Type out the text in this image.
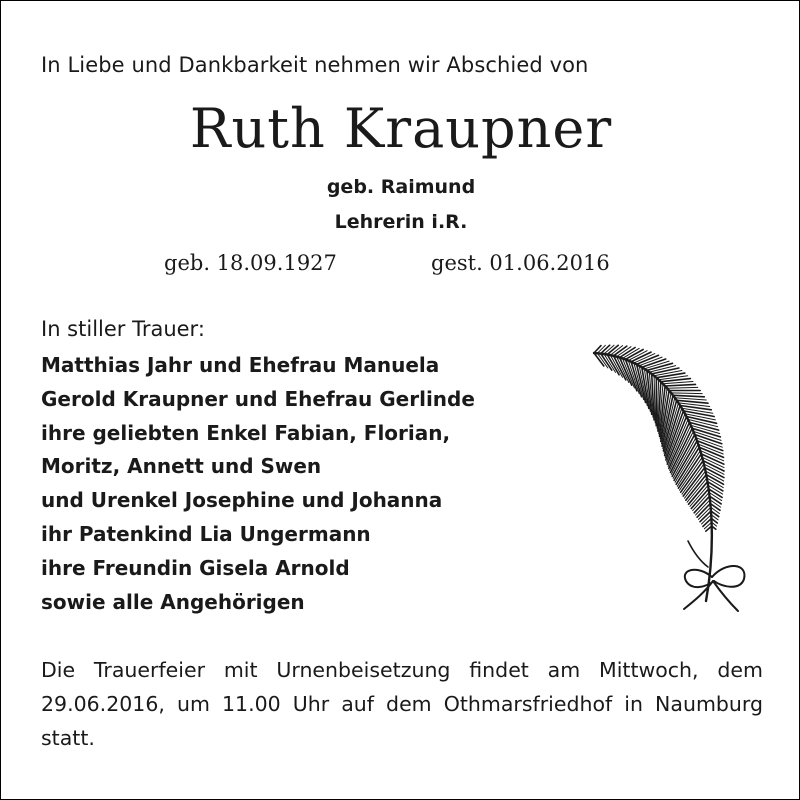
In Liebe und Dankbarkeit nehmen wir Abschied von
Ruth Kraupner
geb. Raimund
Lehrerin i.R.
geb. 18.09.1927	gest. 01.06.2016
In stiller Trauer:
Matthias Jahr und Ehefrau Manuela
Gerold Kraupner und Ehefrau Gerlinde
ihre geliebten Enkel Fabian, Florian,
Moritz, Annett und Swen
und Urenkel Josephine und Johanna
ihr Patenkind Lia Ungermann
ihre Freundin Gisela Arnold
sowie alle Angehörigen

Die Trauerfeier mit Urnenbeisetzung findet am Mittwoch, dem 29.06.2016, um 11.00 Uhr auf dem Othmarsfriedhof in Naumburg statt.
